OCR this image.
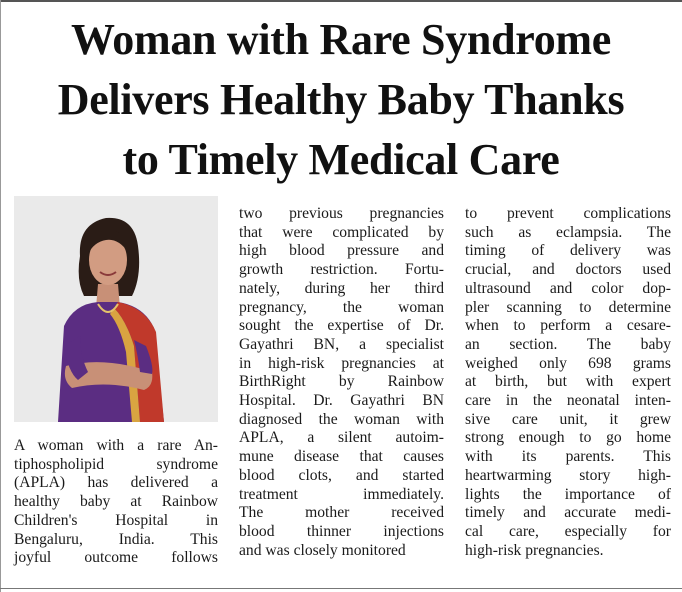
Woman with Rare Syndrome
Delivers Healthy Baby Thanks
to Timely Medical Care
A woman with a rare An-
tiphospholipid syndrome
(APLA) has delivered a
healthy baby at Rainbow
Children's Hospital in
Bengaluru, India. This
joyful outcome follows
two previous pregnancies
that were complicated by
high blood pressure and
growth restriction. Fortu-
nately, during her third
pregnancy, the woman
sought the expertise of Dr.
Gayathri BN, a specialist
in high-risk pregnancies at
BirthRight by Rainbow
Hospital. Dr. Gayathri BN
diagnosed the woman with
APLA, a silent autoim-
mune disease that causes
blood clots, and started
treatment immediately.
The mother received
blood thinner injections
and was closely monitored
to prevent complications
such as eclampsia. The
timing of delivery was
crucial, and doctors used
ultrasound and color dop-
pler scanning to determine
when to perform a cesare-
an section. The baby
weighed only 698 grams
at birth, but with expert
care in the neonatal inten-
sive care unit, it grew
strong enough to go home
with its parents. This
heartwarming story high-
lights the importance of
timely and accurate medi-
cal care, especially for
high-risk pregnancies.
